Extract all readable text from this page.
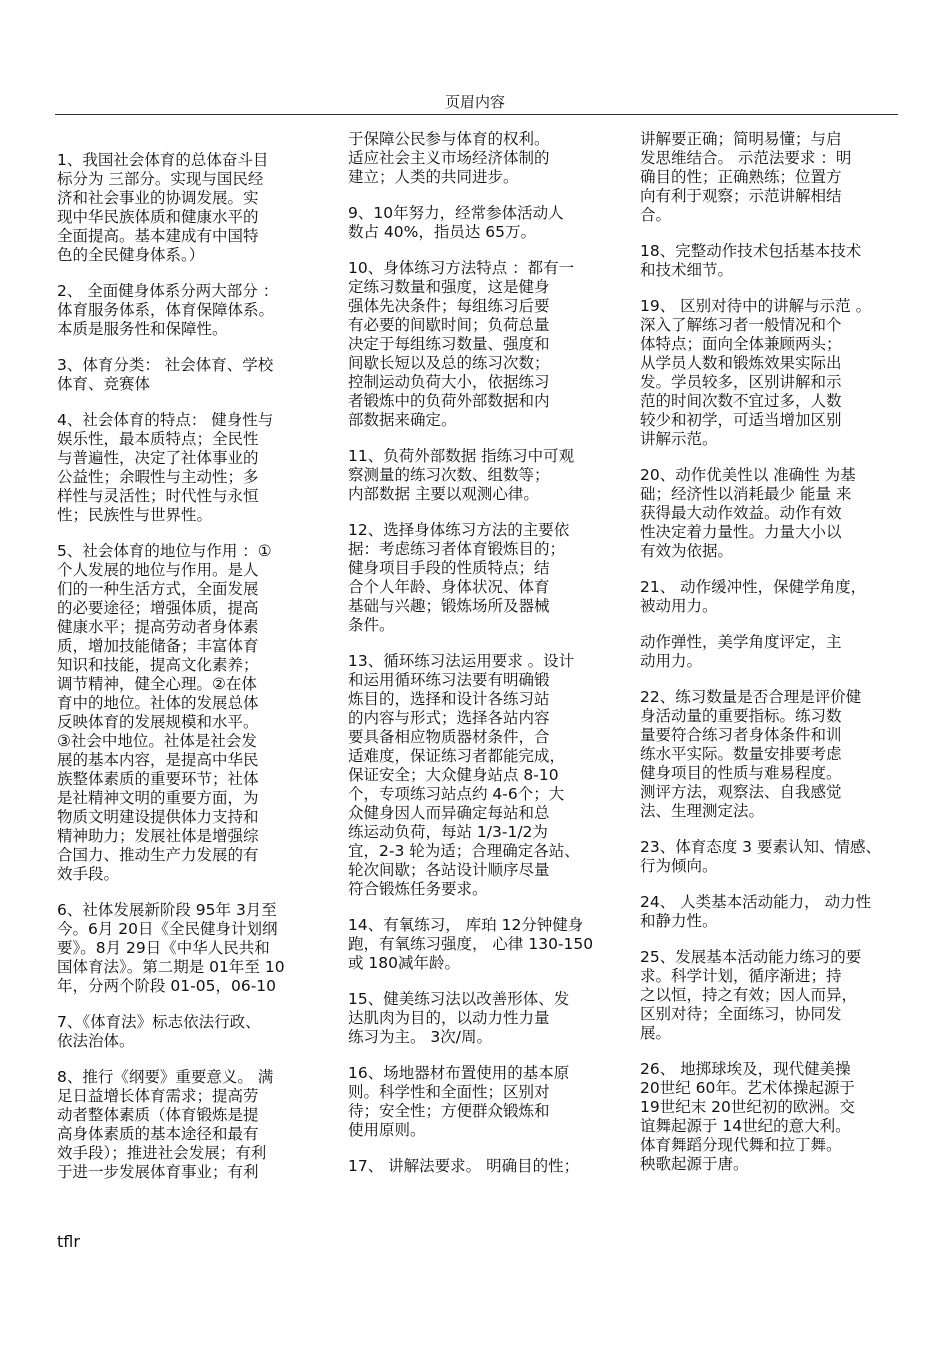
页眉内容

1、我国社会体育的总体奋斗目
标分为 三部分。实现与国民经
济和社会事业的协调发展。实
现中华民族体质和健康水平的
全面提高。基本建成有中国特
色的全民健身体系。）

2、 全面健身体系分两大部分 ：
体育服务体系，体育保障体系。
本质是服务性和保障性。

3、体育分类： 社会体育、学校
体育、竞赛体

4、社会体育的特点： 健身性与
娱乐性，最本质特点；全民性
与普遍性，决定了社体事业的
公益性；余暇性与主动性；多
样性与灵活性；时代性与永恒
性；民族性与世界性。

5、社会体育的地位与作用 ：①
个人发展的地位与作用。是人
们的一种生活方式，全面发展
的必要途径；增强体质，提高
健康水平；提高劳动者身体素
质，增加技能储备；丰富体育
知识和技能，提高文化素养；
调节精神，健全心理。②在体
育中的地位。社体的发展总体
反映体育的发展规模和水平。
③社会中地位。社体是社会发
展的基本内容，是提高中华民
族整体素质的重要环节；社体
是社精神文明的重要方面，为
物质文明建设提供体力支持和
精神助力；发展社体是增强综
合国力、推动生产力发展的有
效手段。

6、社体发展新阶段 95年 3月至
今。6月 20日《全民健身计划纲
要》。8月 29日《中华人民共和
国体育法》。第二期是 01年至 10
年，分两个阶段 01-05，06-10

7、《体育法》标志依法行政、
依法治体。

8、推行《纲要》重要意义。 满
足日益增长体育需求；提高劳
动者整体素质（体育锻炼是提
高身体素质的基本途径和最有
效手段）；推进社会发展；有利
于进一步发展体育事业；有利

于保障公民参与体育的权利。
适应社会主义市场经济体制的
建立；人类的共同进步。

9、10年努力，经常参体活动人
数占 40%，指员达 65万。

10、身体练习方法特点 ：都有一
定练习数量和强度，这是健身
强体先决条件；每组练习后要
有必要的间歇时间；负荷总量
决定于每组练习数量、强度和
间歇长短以及总的练习次数；
控制运动负荷大小，依据练习
者锻炼中的负荷外部数据和内
部数据来确定。

11、负荷外部数据 指练习中可观
察测量的练习次数、组数等；
内部数据 主要以观测心律。

12、选择身体练习方法的主要依
据：考虑练习者体育锻炼目的；
健身项目手段的性质特点；结
合个人年龄、身体状况、体育
基础与兴趣；锻炼场所及器械
条件。

13、循环练习法运用要求 。设计
和运用循环练习法要有明确锻
炼目的，选择和设计各练习站
的内容与形式；选择各站内容
要具备相应物质器材条件，合
适难度，保证练习者都能完成，
保证安全；大众健身站点 8-10
个，专项练习站点约 4-6个；大
众健身因人而异确定每站和总
练运动负荷，每站 1/3-1/2为
宜，2-3 轮为适；合理确定各站、
轮次间歇；各站设计顺序尽量
符合锻炼任务要求。

14、有氧练习， 库珀 12分钟健身
跑，有氧练习强度， 心律 130-150
或 180减年龄。

15、健美练习法以改善形体、发
达肌肉为目的，以动力性力量
练习为主。 3次/周。

16、场地器材布置使用的基本原
则。科学性和全面性；区别对
待；安全性；方便群众锻炼和
使用原则。

17、 讲解法要求。 明确目的性；

讲解要正确；简明易懂；与启
发思维结合。 示范法要求 ：明
确目的性；正确熟练；位置方
向有利于观察；示范讲解相结
合。

18、完整动作技术包括基本技术
和技术细节。

19、 区别对待中的讲解与示范 。
深入了解练习者一般情况和个
体特点；面向全体兼顾两头；
从学员人数和锻炼效果实际出
发。学员较多，区别讲解和示
范的时间次数不宜过多，人数
较少和初学，可适当增加区别
讲解示范。

20、动作优美性以 准确性 为基
础；经济性以消耗最少 能量 来
获得最大动作效益。动作有效
性决定着力量性。力量大小以
有效为依据。

21、 动作缓冲性，保健学角度，
被动用力。

动作弹性，美学角度评定，主
动用力。

22、练习数量是否合理是评价健
身活动量的重要指标。练习数
量要符合练习者身体条件和训
练水平实际。数量安排要考虑
健身项目的性质与难易程度。
测评方法，观察法、自我感觉
法、生理测定法。

23、体育态度 3 要素认知、情感、
行为倾向。

24、 人类基本活动能力， 动力性
和静力性。

25、发展基本活动能力练习的要
求。科学计划，循序渐进；持
之以恒，持之有效；因人而异，
区别对待；全面练习，协同发
展。

26、 地掷球埃及，现代健美操
20世纪 60年。艺术体操起源于
19世纪末 20世纪初的欧洲。交
谊舞起源于 14世纪的意大利。
体育舞蹈分现代舞和拉丁舞。
秧歌起源于唐。

tflr
